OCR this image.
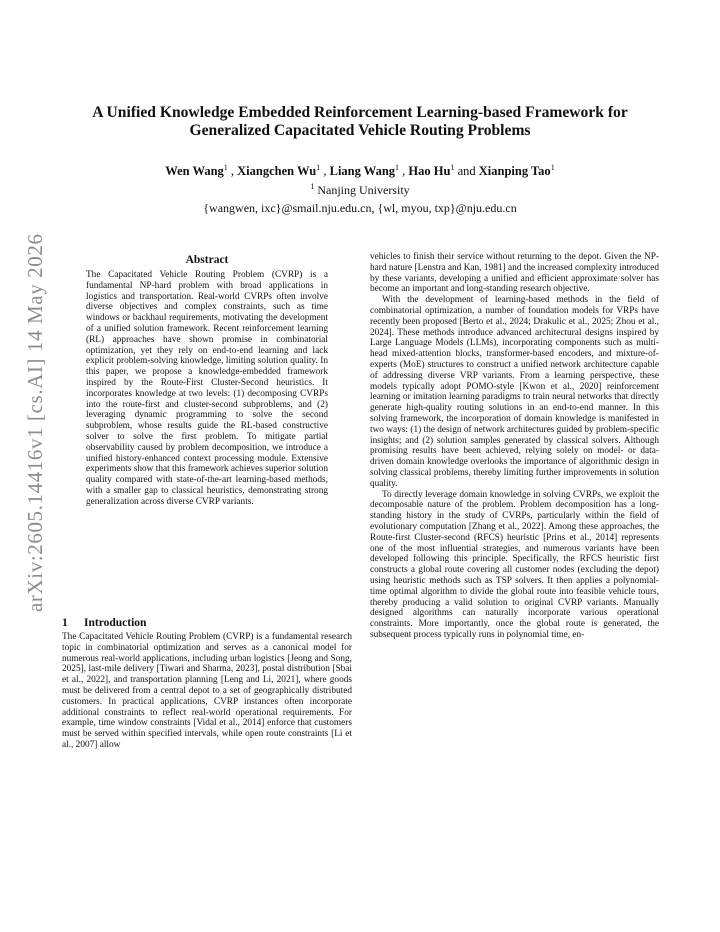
arXiv:2605.14416v1 [cs.AI] 14 May 2026
A Unified Knowledge Embedded Reinforcement Learning-based Framework for
Generalized Capacitated Vehicle Routing Problems
Wen Wang$^1$ , Xiangchen Wu$^1$ , Liang Wang$^1$ , Hao Hu$^1$ and Xianping Tao$^1$
$^1$ Nanjing University
{wangwen, ixc}@smail.nju.edu.cn, {wl, myou, txp}@nju.edu.cn
Abstract
The Capacitated Vehicle Routing Problem (CVRP) is a fundamental NP-hard problem with broad applications in logistics and transportation. Real-world CVRPs often involve diverse objectives and complex constraints, such as time windows or backhaul requirements, motivating the development of a unified solution framework. Recent reinforcement learning (RL) approaches have shown promise in combinatorial optimization, yet they rely on end-to-end learning and lack explicit problem-solving knowledge, limiting solution quality. In this paper, we propose a knowledge-embedded framework inspired by the Route-First Cluster-Second heuristics. It incorporates knowledge at two levels: (1) decomposing CVRPs into the route-first and cluster-second subproblems, and (2) leveraging dynamic programming to solve the second subproblem, whose results guide the RL-based constructive solver to solve the first problem. To mitigate partial observability caused by problem decomposition, we introduce a unified history-enhanced context processing module. Extensive experiments show that this framework achieves superior solution quality compared with state-of-the-art learning-based methods, with a smaller gap to classical heuristics, demonstrating strong generalization across diverse CVRP variants.
1 Introduction

The Capacitated Vehicle Routing Problem (CVRP) is a fundamental research topic in combinatorial optimization and serves as a canonical model for numerous real-world applications, including urban logistics [Jeong and Song, 2025], last-mile delivery [Tiwari and Sharma, 2023], postal distribution [Sbai et al., 2022], and transportation planning [Leng and Li, 2021], where goods must be delivered from a central depot to a set of geographically distributed customers. In practical applications, CVRP instances often incorporate additional constraints to reflect real-world operational requirements. For example, time window constraints [Vidal et al., 2014] enforce that customers must be served within specified intervals, while open route constraints [Li et al., 2007] allow

vehicles to finish their service without returning to the depot. Given the NP-hard nature [Lenstra and Kan, 1981] and the increased complexity introduced by these variants, developing a unified and efficient approximate solver has become an important and long-standing research objective.

With the development of learning-based methods in the field of combinatorial optimization, a number of foundation models for VRPs have recently been proposed [Berto et al., 2024; Drakulic et al., 2025; Zhou et al., 2024]. These methods introduce advanced architectural designs inspired by Large Language Models (LLMs), incorporating components such as multi-head mixed-attention blocks, transformer-based encoders, and mixture-of-experts (MoE) structures to construct a unified network architecture capable of addressing diverse VRP variants. From a learning perspective, these models typically adopt POMO-style [Kwon et al., 2020] reinforcement learning or imitation learning paradigms to train neural networks that directly generate high-quality routing solutions in an end-to-end manner. In this solving framework, the incorporation of domain knowledge is manifested in two ways: (1) the design of network architectures guided by problem-specific insights; and (2) solution samples generated by classical solvers. Although promising results have been achieved, relying solely on model- or data-driven domain knowledge overlooks the importance of algorithmic design in solving classical problems, thereby limiting further improvements in solution quality.

To directly leverage domain knowledge in solving CVRPs, we exploit the decomposable nature of the problem. Problem decomposition has a long-standing history in the study of CVRPs, particularly within the field of evolutionary computation [Zhang et al., 2022]. Among these approaches, the Route-first Cluster-second (RFCS) heuristic [Prins et al., 2014] represents one of the most influential strategies, and numerous variants have been developed following this principle. Specifically, the RFCS heuristic first constructs a global route covering all customer nodes (excluding the depot) using heuristic methods such as TSP solvers. It then applies a polynomial-time optimal algorithm to divide the global route into feasible vehicle tours, thereby producing a valid solution to original CVRP variants. Manually designed algorithms can naturally incorporate various operational constraints. More importantly, once the global route is generated, the subsequent process typically runs in polynomial time, en-
